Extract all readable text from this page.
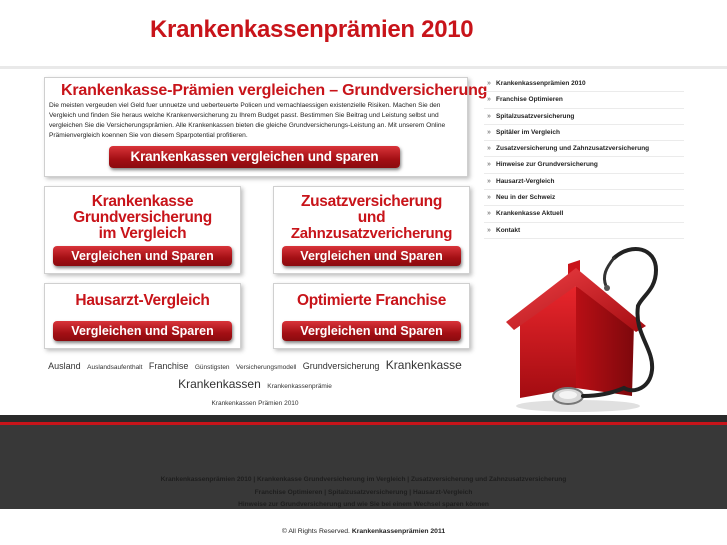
Krankenkassenprämien 2010
Krankenkasse-Prämien vergleichen – Grundversicherung
Die meisten vergeuden viel Geld fuer unnuetze und ueberteuerte Policen und vernachlaessigen existenzielle Risiken. Machen Sie den Vergleich und finden Sie heraus welche Krankenversicherung zu Ihrem Budget passt. Bestimmen Sie Beitrag und Leistung selbst und vergleichen Sie die Versicherungsprämien. Alle Krankenkassen bieten die gleiche Grundversicherungs-Leistung an. Mit unserem Online Prämienvergleich koennen Sie von diesem Sparpotential profitieren.
Krankenkassen vergleichen und sparen
Krankenkasse
Grundversicherung
im Vergleich
Vergleichen und Sparen
Zusatzversicherung
und
Zahnzusatzvericherung
Vergleichen und Sparen
Hausarzt-Vergleich
Vergleichen und Sparen
Optimierte Franchise
Vergleichen und Sparen
Ausland Auslandsaufenthalt Franchise Günstigsten Versicherungsmodell Grundversicherung Krankenkasse
Krankenkassen Krankenkassenprämie
Krankenkassen Prämien 2010

» Krankenkassenprämien 2010
» Franchise Optimieren
» Spitalzusatzversicherung
» Spitäler im Vergleich
» Zusatzversicherung und Zahnzusatzversicherung
» Hinweise zur Grundversicherung
» Hausarzt-Vergleich
» Neu in der Schweiz
» Krankenkasse Aktuell
» Kontakt
Krankenkassenprämien 2010 | Krankenkasse Grundversicherung im Vergleich | Zusatzversicherung und Zahnzusatzversicherung
Franchise Optimieren | Spitalzusatzversicherung | Hausarzt-Vergleich
Hinweise zur Grundversicherung und wie Sie bei einem Wechsel sparen können
© All Rights Reserved. Krankenkassenprämien 2011
